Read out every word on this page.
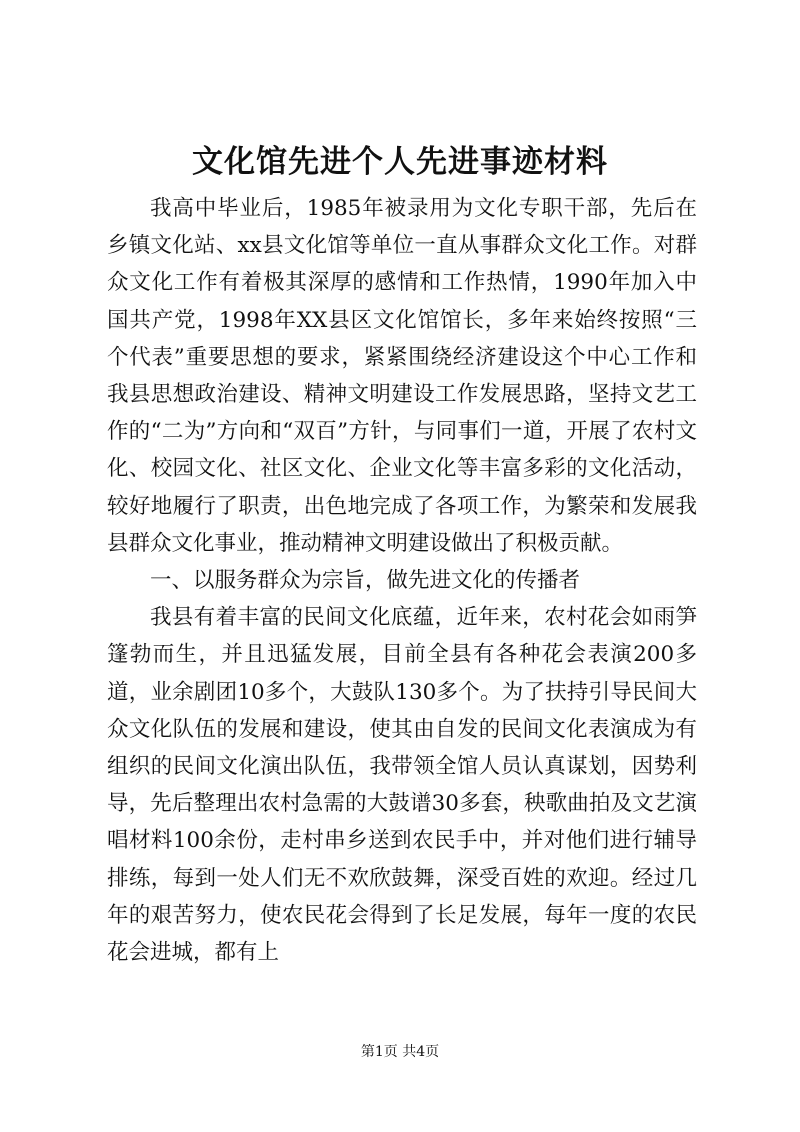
文化馆先进个人先进事迹材料

我高中毕业后，1985年被录用为文化专职干部，先后在乡镇文化站、xx县文化馆等单位一直从事群众文化工作。对群众文化工作有着极其深厚的感情和工作热情，1990年加入中国共产党，1998年XX县区文化馆馆长，多年来始终按照“三个代表”重要思想的要求，紧紧围绕经济建设这个中心工作和我县思想政治建设、精神文明建设工作发展思路，坚持文艺工作的“二为”方向和“双百”方针，与同事们一道，开展了农村文化、校园文化、社区文化、企业文化等丰富多彩的文化活动，较好地履行了职责，出色地完成了各项工作，为繁荣和发展我县群众文化事业，推动精神文明建设做出了积极贡献。

一、以服务群众为宗旨，做先进文化的传播者

我县有着丰富的民间文化底蕴，近年来，农村花会如雨笋篷勃而生，并且迅猛发展，目前全县有各种花会表演200多道，业余剧团10多个，大鼓队130多个。为了扶持引导民间大众文化队伍的发展和建设，使其由自发的民间文化表演成为有组织的民间文化演出队伍，我带领全馆人员认真谋划，因势利导，先后整理出农村急需的大鼓谱30多套，秧歌曲拍及文艺演唱材料100余份，走村串乡送到农民手中，并对他们进行辅导排练，每到一处人们无不欢欣鼓舞，深受百姓的欢迎。经过几年的艰苦努力，使农民花会得到了长足发展，每年一度的农民花会进城，都有上

第1页 共4页
